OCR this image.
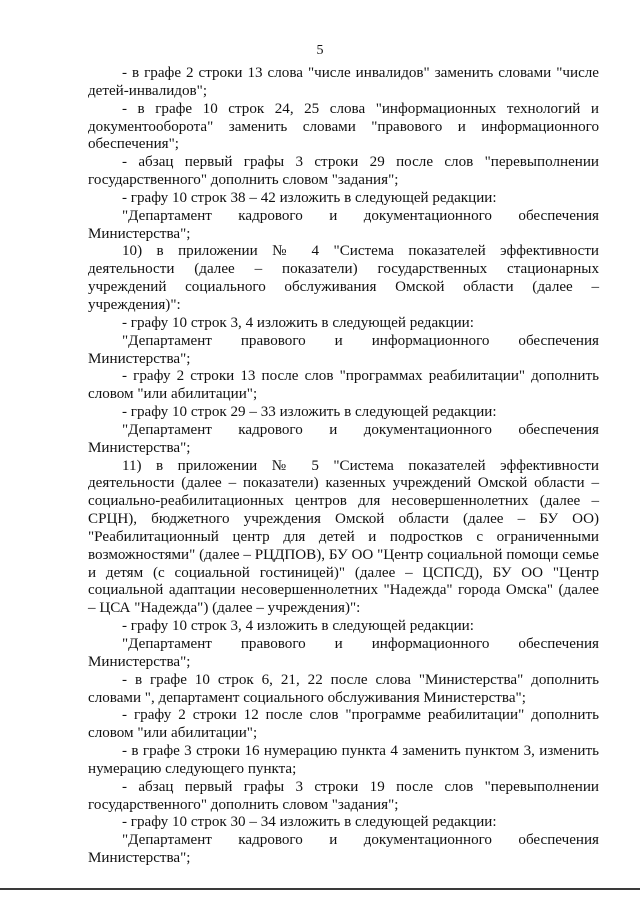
5

- в графе 2 строки 13 слова "числе инвалидов" заменить словами "числе детей-инвалидов";

- в графе 10 строк 24, 25 слова "информационных технологий и документооборота" заменить словами "правового и информационного обеспечения";

- абзац первый графы 3 строки 29 после слов "перевыполнении государственного" дополнить словом "задания";

- графу 10 строк 38 – 42 изложить в следующей редакции:

"Департамент кадрового и документационного обеспечения Министерства";

10) в приложении № 4 "Система показателей эффективности деятельности (далее – показатели) государственных стационарных учреждений социального обслуживания Омской области (далее – учреждения)":

- графу 10 строк 3, 4 изложить в следующей редакции:

"Департамент правового и информационного обеспечения Министерства";

- графу 2 строки 13 после слов "программах реабилитации" дополнить словом "или абилитации";

- графу 10 строк 29 – 33 изложить в следующей редакции:

"Департамент кадрового и документационного обеспечения Министерства";

11) в приложении № 5 "Система показателей эффективности деятельности (далее – показатели) казенных учреждений Омской области – социально-реабилитационных центров для несовершеннолетних (далее – СРЦН), бюджетного учреждения Омской области (далее – БУ ОО) "Реабилитационный центр для детей и подростков с ограниченными возможностями" (далее – РЦДПОВ), БУ ОО "Центр социальной помощи семье и детям (с социальной гостиницей)" (далее – ЦСПСД), БУ ОО "Центр социальной адаптации несовершеннолетних "Надежда" города Омска" (далее – ЦСА "Надежда") (далее – учреждения)":

- графу 10 строк 3, 4 изложить в следующей редакции:

"Департамент правового и информационного обеспечения Министерства";

- в графе 10 строк 6, 21, 22 после слова "Министерства" дополнить словами ", департамент социального обслуживания Министерства";

- графу 2 строки 12 после слов "программе реабилитации" дополнить словом "или абилитации";

- в графе 3 строки 16 нумерацию пункта 4 заменить пунктом 3, изменить нумерацию следующего пункта;

- абзац первый графы 3 строки 19 после слов "перевыполнении государственного" дополнить словом "задания";

- графу 10 строк 30 – 34 изложить в следующей редакции:

"Департамент кадрового и документационного обеспечения Министерства";
